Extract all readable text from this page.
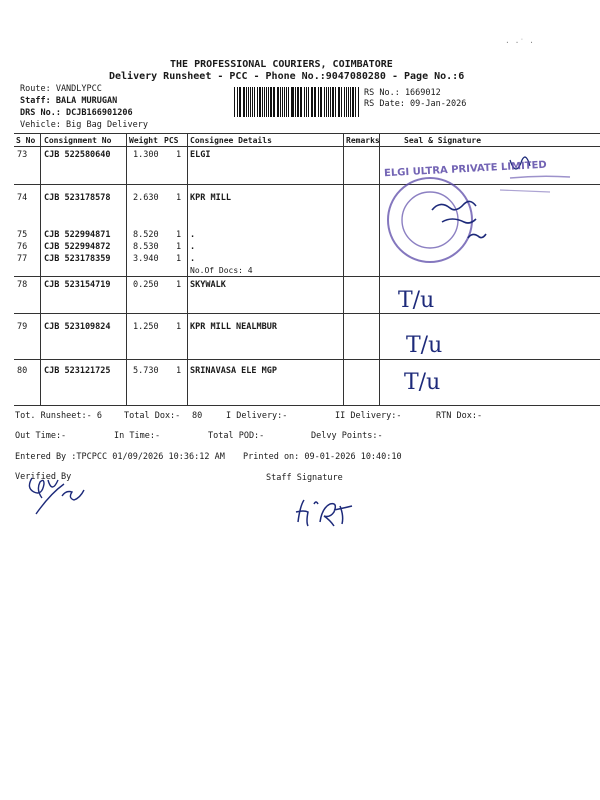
· ·˙ ·
THE PROFESSIONAL COURIERS, COIMBATORE
Delivery Runsheet - PCC - Phone No.:9047080280 - Page No.:6
Route: VANDLYPCC
Staff: BALA MURUGAN
DRS No.: DCJB166901206
Vehicle: Big Bag Delivery
RS No.: 1669012
RS Date: 09-Jan-2026
S No Consignment No Weight PCS Consignee Details	Remarks	Seal & Signature
73 CJB 522580640	1.300 1 ELGI
74 CJB 523178578	2.630 1 KPR MILL
75 CJB 522994871	8.520 1 .
76 CJB 522994872	8.530 1 .
77 CJB 523178359	3.940 1 .
No.Of Docs: 4
78 CJB 523154719	0.250 1 SKYWALK
79 CJB 523109824	1.250 1 KPR MILL NEALMBUR
80 CJB 523121725	5.730 1 SRINAVASA ELE MGP
ELGI ULTRA PRIVATE LIMITED
T/u
T/u
T/u
Tot. Runsheet:- 6	Total Dox:- 80	I Delivery:-	II Delivery:-	RTN Dox:-
Out Time:-	In Time:-	Total POD:-	Delvy Points:-
Entered By :TPCPCC 01/09/2026 10:36:12 AM Printed on: 09-01-2026 10:40:10
Verified By	Staff Signature
